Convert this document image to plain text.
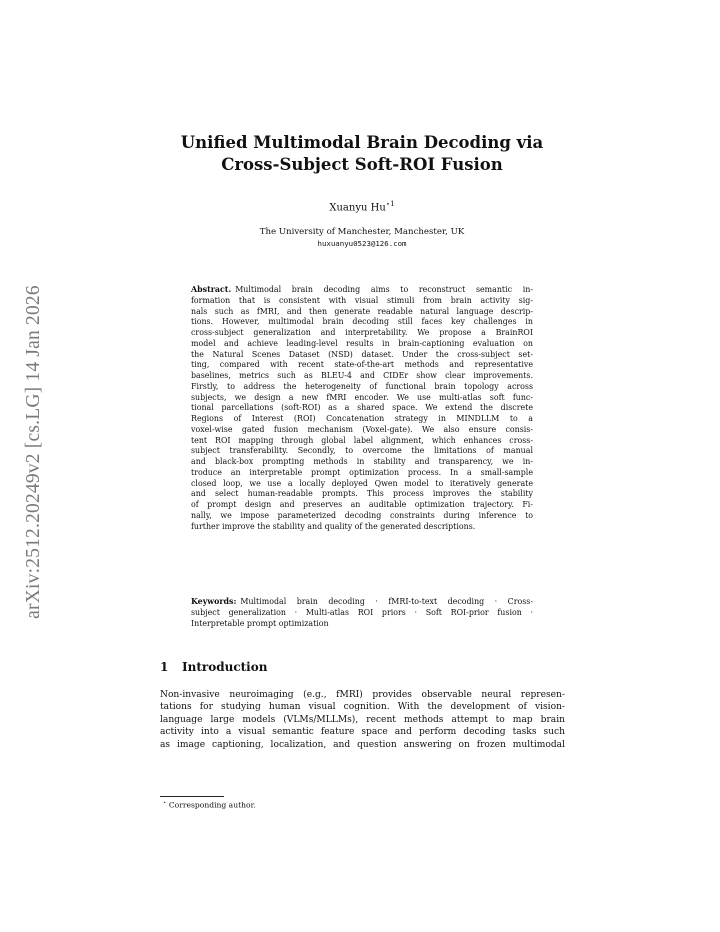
arXiv:2512.20249v2 [cs.LG] 14 Jan 2026
Unified Multimodal Brain Decoding via
Cross-Subject Soft-ROI Fusion
Xuanyu $Hu^{⋆1}$
The University of Manchester, Manchester, UK
huxuanyu0523@126.com
Abstract. Multimodal brain decoding aims to reconstruct semantic in-
formation that is consistent with visual stimuli from brain activity sig-
nals such as fMRI, and then generate readable natural language descrip-
tions. However, multimodal brain decoding still faces key challenges in
cross-subject generalization and interpretability. We propose a BrainROI
model and achieve leading-level results in brain-captioning evaluation on
the Natural Scenes Dataset (NSD) dataset. Under the cross-subject set-
ting, compared with recent state-of-the-art methods and representative
baselines, metrics such as BLEU-4 and CIDEr show clear improvements.
Firstly, to address the heterogeneity of functional brain topology across
subjects, we design a new fMRI encoder. We use multi-atlas soft func-
tional parcellations (soft-ROI) as a shared space. We extend the discrete
Regions of Interest (ROI) Concatenation strategy in MINDLLM to a
voxel-wise gated fusion mechanism (Voxel-gate). We also ensure consis-
tent ROI mapping through global label alignment, which enhances cross-
subject transferability. Secondly, to overcome the limitations of manual
and black-box prompting methods in stability and transparency, we in-
troduce an interpretable prompt optimization process. In a small-sample
closed loop, we use a locally deployed Qwen model to iteratively generate
and select human-readable prompts. This process improves the stability
of prompt design and preserves an auditable optimization trajectory. Fi-
nally, we impose parameterized decoding constraints during inference to
further improve the stability and quality of the generated descriptions.
Keywords: Multimodal brain decoding · fMRI-to-text decoding · Cross-
subject generalization · Multi-atlas ROI priors · Soft ROI-prior fusion ·
Interpretable prompt optimization
1 Introduction
Non-invasive neuroimaging (e.g., fMRI) provides observable neural represen-
tations for studying human visual cognition. With the development of vision-
language large models (VLMs/MLLMs), recent methods attempt to map brain
activity into a visual semantic feature space and perform decoding tasks such
as image captioning, localization, and question answering on frozen multimodal
⋆ Corresponding author.
